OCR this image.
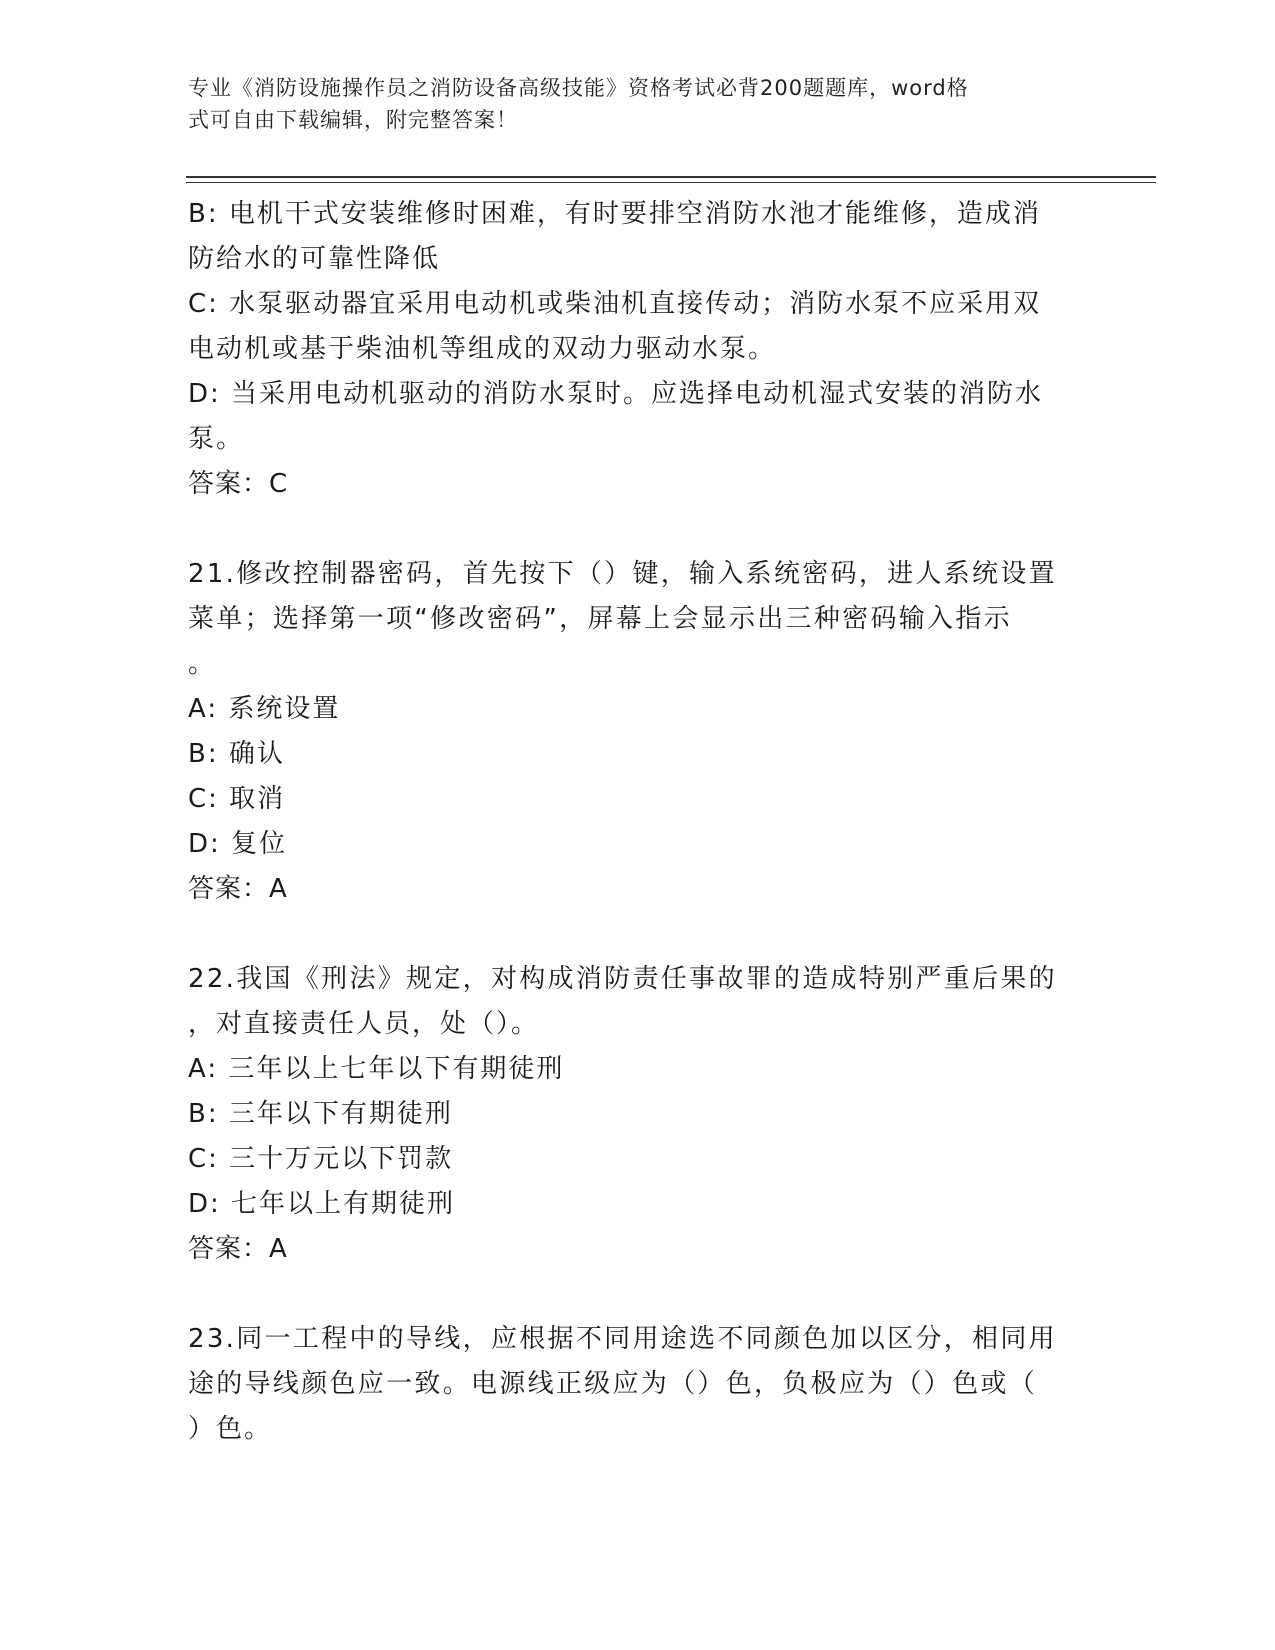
专业《消防设施操作员之消防设备高级技能》资格考试必背200题题库，word格
式可自由下载编辑，附完整答案！
B: 电机干式安装维修时困难，有时要排空消防水池才能维修，造成消
防给水的可靠性降低
C: 水泵驱动器宜采用电动机或柴油机直接传动；消防水泵不应采用双
电动机或基于柴油机等组成的双动力驱动水泵。
D: 当采用电动机驱动的消防水泵时。应选择电动机湿式安装的消防水
泵。
答案：C
21.修改控制器密码，首先按下（）键，输入系统密码，进人系统设置
菜单；选择第一项“修改密码”，屏幕上会显示出三种密码输入指示
。
A: 系统设置
B: 确认
C: 取消
D: 复位
答案：A
22.我国《刑法》规定，对构成消防责任事故罪的造成特别严重后果的
，对直接责任人员，处（）。
A: 三年以上七年以下有期徒刑
B: 三年以下有期徒刑
C: 三十万元以下罚款
D: 七年以上有期徒刑
答案：A
23.同一工程中的导线，应根据不同用途选不同颜色加以区分，相同用
途的导线颜色应一致。电源线正级应为（）色，负极应为（）色或（
）色。
